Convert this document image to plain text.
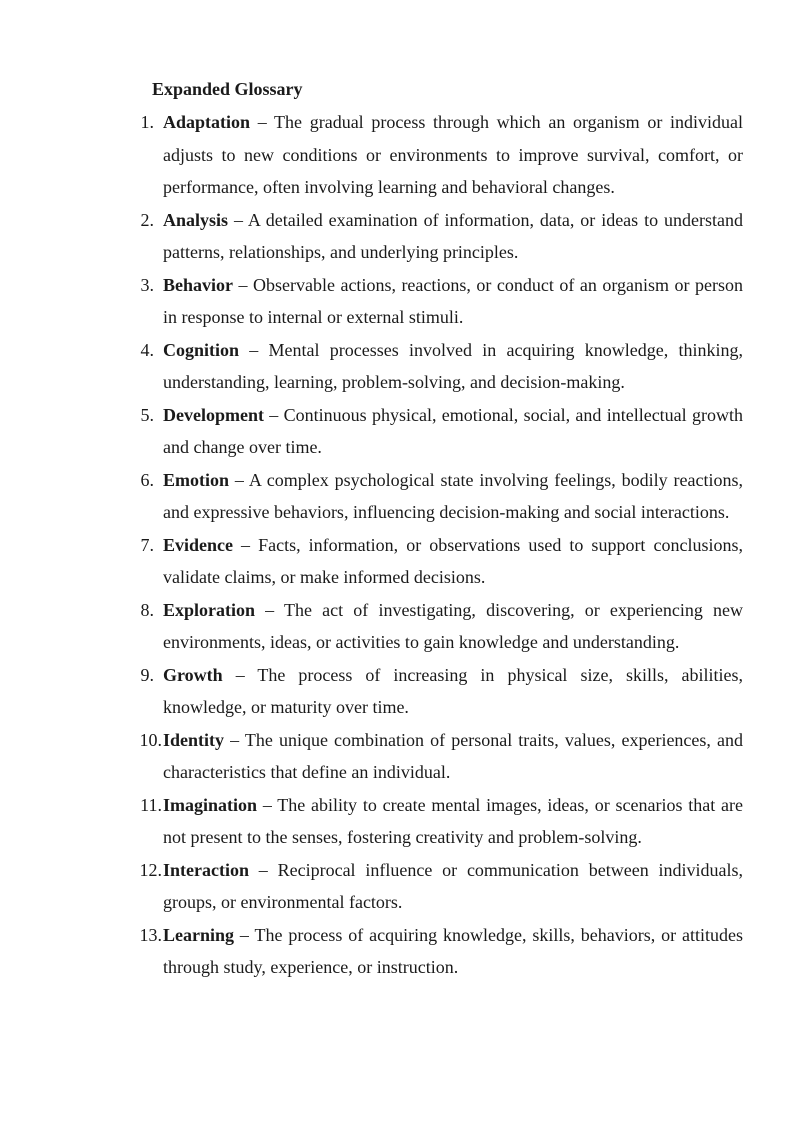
Expanded Glossary
1. Adaptation – The gradual process through which an organism or individual adjusts to new conditions or environments to improve survival, comfort, or performance, often involving learning and behavioral changes.
2. Analysis – A detailed examination of information, data, or ideas to understand patterns, relationships, and underlying principles.
3. Behavior – Observable actions, reactions, or conduct of an organism or person in response to internal or external stimuli.
4. Cognition – Mental processes involved in acquiring knowledge, thinking, understanding, learning, problem-solving, and decision-making.
5. Development – Continuous physical, emotional, social, and intellectual growth and change over time.
6. Emotion – A complex psychological state involving feelings, bodily reactions, and expressive behaviors, influencing decision-making and social interactions.
7. Evidence – Facts, information, or observations used to support conclusions, validate claims, or make informed decisions.
8. Exploration – The act of investigating, discovering, or experiencing new environments, ideas, or activities to gain knowledge and understanding.
9. Growth – The process of increasing in physical size, skills, abilities, knowledge, or maturity over time.
10. Identity – The unique combination of personal traits, values, experiences, and characteristics that define an individual.
11. Imagination – The ability to create mental images, ideas, or scenarios that are not present to the senses, fostering creativity and problem-solving.
12. Interaction – Reciprocal influence or communication between individuals, groups, or environmental factors.
13. Learning – The process of acquiring knowledge, skills, behaviors, or attitudes through study, experience, or instruction.
